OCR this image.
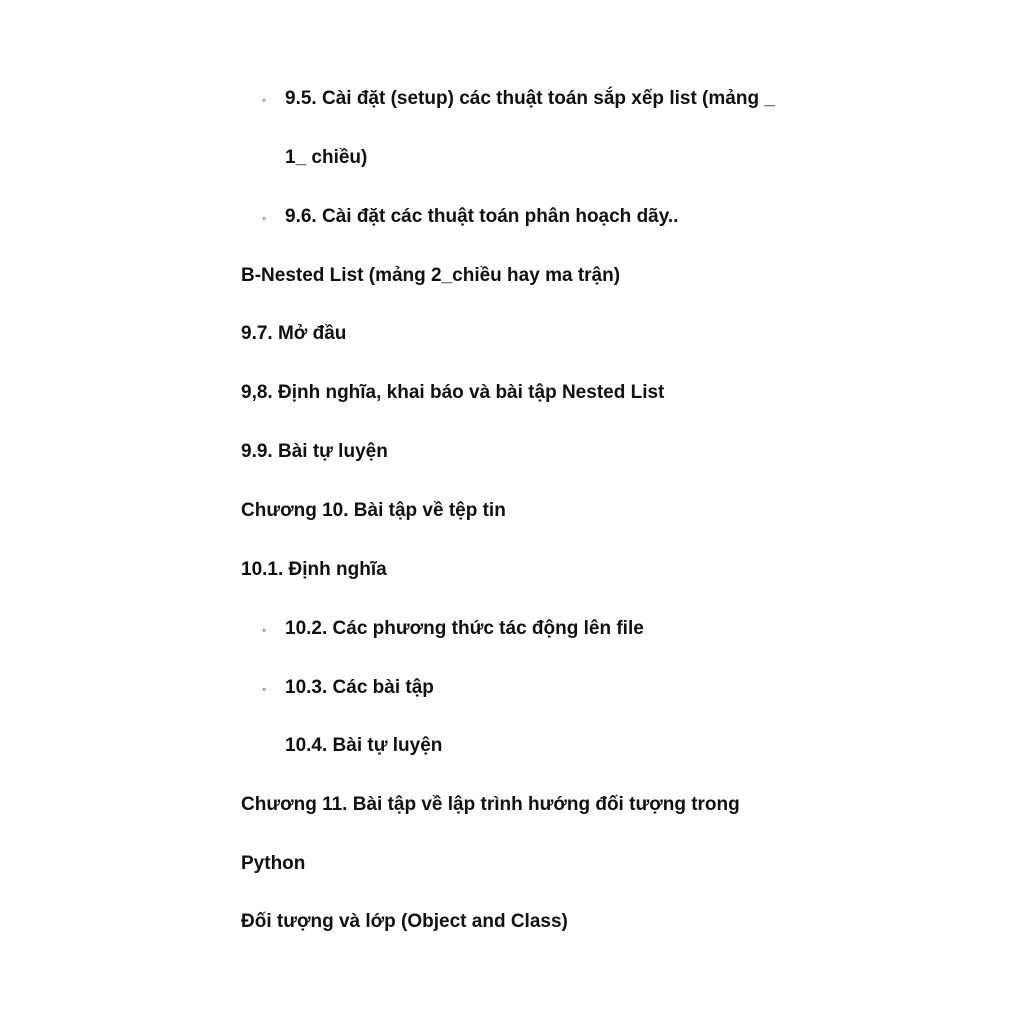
◦ 9.5. Cài đặt (setup) các thuật toán sắp xếp list (mảng _
1_ chiều)
◦ 9.6. Cài đặt các thuật toán phân hoạch dãy..
B-Nested List (mảng 2_chiều hay ma trận)
9.7. Mở đầu
9,8. Định nghĩa, khai báo và bài tập Nested List
9.9. Bài tự luyện
Chương 10. Bài tập về tệp tin
10.1. Định nghĩa
◦ 10.2. Các phương thức tác động lên file
◦ 10.3. Các bài tập
10.4. Bài tự luyện
Chương 11. Bài tập về lập trình hướng đối tượng trong
Python
Đối tượng và lớp (Object and Class)
